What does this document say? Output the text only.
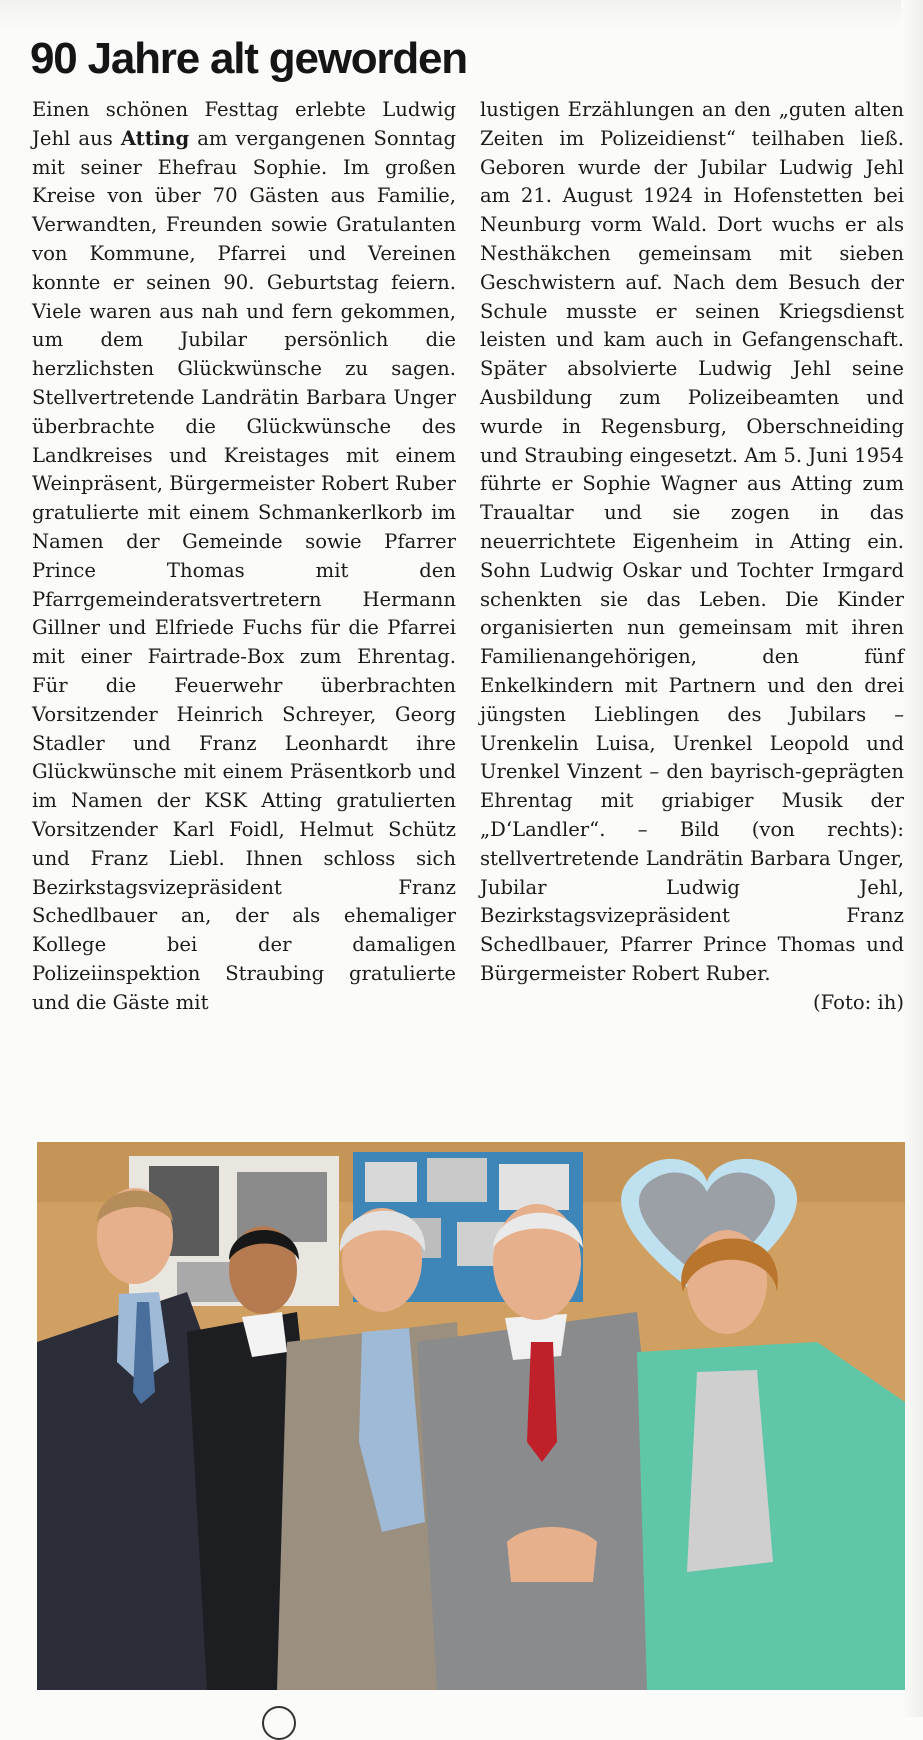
90 Jahre alt geworden

Einen schönen Festtag erlebte Ludwig Jehl aus Atting am vergangenen Sonntag mit seiner Ehefrau Sophie. Im großen Kreise von über 70 Gästen aus Familie, Verwandten, Freunden sowie Gratulanten von Kommune, Pfarrei und Vereinen konnte er seinen 90. Geburtstag feiern. Viele waren aus nah und fern gekommen, um dem Jubilar persönlich die herzlichsten Glückwünsche zu sagen. Stellvertretende Landrätin Barbara Unger überbrachte die Glückwünsche des Landkreises und Kreistages mit einem Weinpräsent, Bürgermeister Robert Ruber gratulierte mit einem Schmankerlkorb im Namen der Gemeinde sowie Pfarrer Prince Thomas mit den Pfarrgemeinderatsvertretern Hermann Gillner und Elfriede Fuchs für die Pfarrei mit einer Fairtrade-Box zum Ehrentag. Für die Feuerwehr überbrachten Vorsitzender Heinrich Schreyer, Georg Stadler und Franz Leonhardt ihre Glückwünsche mit einem Präsentkorb und im Namen der KSK Atting gratulierten Vorsitzender Karl Foidl, Helmut Schütz und Franz Liebl. Ihnen schloss sich Bezirkstagsvizepräsident Franz Schedlbauer an, der als ehemaliger Kollege bei der damaligen Polizeiinspektion Straubing gratulierte und die Gäste mit

lustigen Erzählungen an den „guten alten Zeiten im Polizeidienst“ teilhaben ließ. Geboren wurde der Jubilar Ludwig Jehl am 21. August 1924 in Hofenstetten bei Neunburg vorm Wald. Dort wuchs er als Nesthäkchen gemeinsam mit sieben Geschwistern auf. Nach dem Besuch der Schule musste er seinen Kriegsdienst leisten und kam auch in Gefangenschaft. Später absolvierte Ludwig Jehl seine Ausbildung zum Polizeibeamten und wurde in Regensburg, Oberschneiding und Straubing eingesetzt. Am 5. Juni 1954 führte er Sophie Wagner aus Atting zum Traualtar und sie zogen in das neuerrichtete Eigenheim in Atting ein. Sohn Ludwig Oskar und Tochter Irmgard schenkten sie das Leben. Die Kinder organisierten nun gemeinsam mit ihren Familienangehörigen, den fünf Enkelkindern mit Partnern und den drei jüngsten Lieblingen des Jubilars – Urenkelin Luisa, Urenkel Leopold und Urenkel Vinzent – den bayrisch-geprägten Ehrentag mit griabiger Musik der „D‘Landler“. – Bild (von rechts): stellvertretende Landrätin Barbara Unger, Jubilar Ludwig Jehl, Bezirkstagsvizepräsident Franz Schedlbauer, Pfarrer Prince Thomas und Bürgermeister Robert Ruber.

(Foto: ih)
